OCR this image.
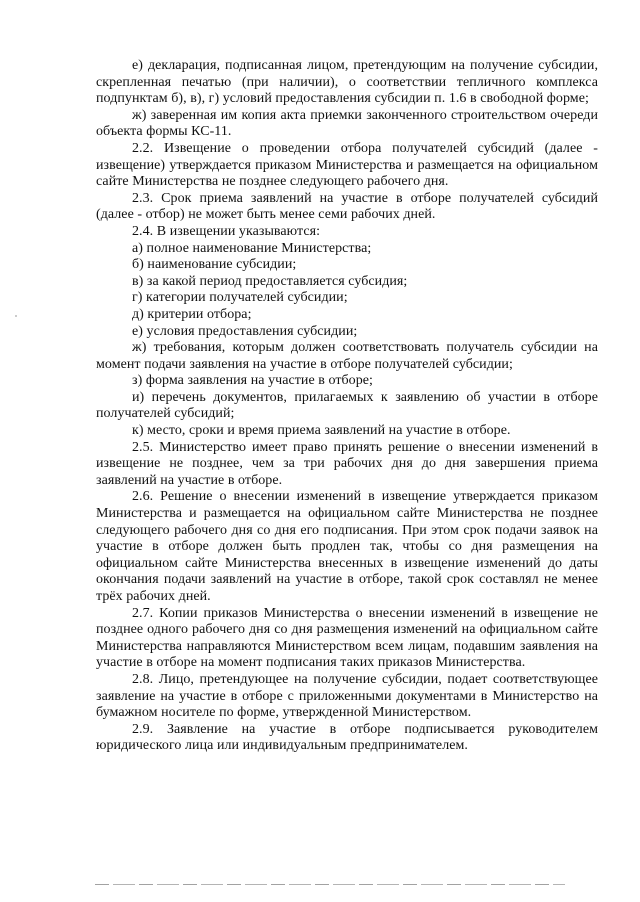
е) декларация, подписанная лицом, претендующим на получение субсидии, скрепленная печатью (при наличии), о соответствии тепличного комплекса подпунктам б), в), г) условий предоставления субсидии п. 1.6 в свободной форме;

ж) заверенная им копия акта приемки законченного строительством очереди объекта формы КС-11.

2.2. Извещение о проведении отбора получателей субсидий (далее - извещение) утверждается приказом Министерства и размещается на официальном сайте Министерства не позднее следующего рабочего дня.

2.3. Срок приема заявлений на участие в отборе получателей субсидий (далее - отбор) не может быть менее семи рабочих дней.

2.4. В извещении указываются:

а) полное наименование Министерства;

б) наименование субсидии;

в) за какой период предоставляется субсидия;

г) категории получателей субсидии;

д) критерии отбора;

е) условия предоставления субсидии;

ж) требования, которым должен соответствовать получатель субсидии на момент подачи заявления на участие в отборе получателей субсидии;

з) форма заявления на участие в отборе;

и) перечень документов, прилагаемых к заявлению об участии в отборе получателей субсидий;

к) место, сроки и время приема заявлений на участие в отборе.

2.5. Министерство имеет право принять решение о внесении изменений в извещение не позднее, чем за три рабочих дня до дня завершения приема заявлений на участие в отборе.

2.6. Решение о внесении изменений в извещение утверждается приказом Министерства и размещается на официальном сайте Министерства не позднее следующего рабочего дня со дня его подписания. При этом срок подачи заявок на участие в отборе должен быть продлен так, чтобы со дня размещения на официальном сайте Министерства внесенных в извещение изменений до даты окончания подачи заявлений на участие в отборе, такой срок составлял не менее трёх рабочих дней.

2.7. Копии приказов Министерства о внесении изменений в извещение не позднее одного рабочего дня со дня размещения изменений на официальном сайте Министерства направляются Министерством всем лицам, подавшим заявления на участие в отборе на момент подписания таких приказов Министерства.

2.8. Лицо, претендующее на получение субсидии, подает соответствующее заявление на участие в отборе с приложенными документами в Министерство на бумажном носителе по форме, утвержденной Министерством.

2.9. Заявление на участие в отборе подписывается руководителем юридического лица или индивидуальным предпринимателем.
